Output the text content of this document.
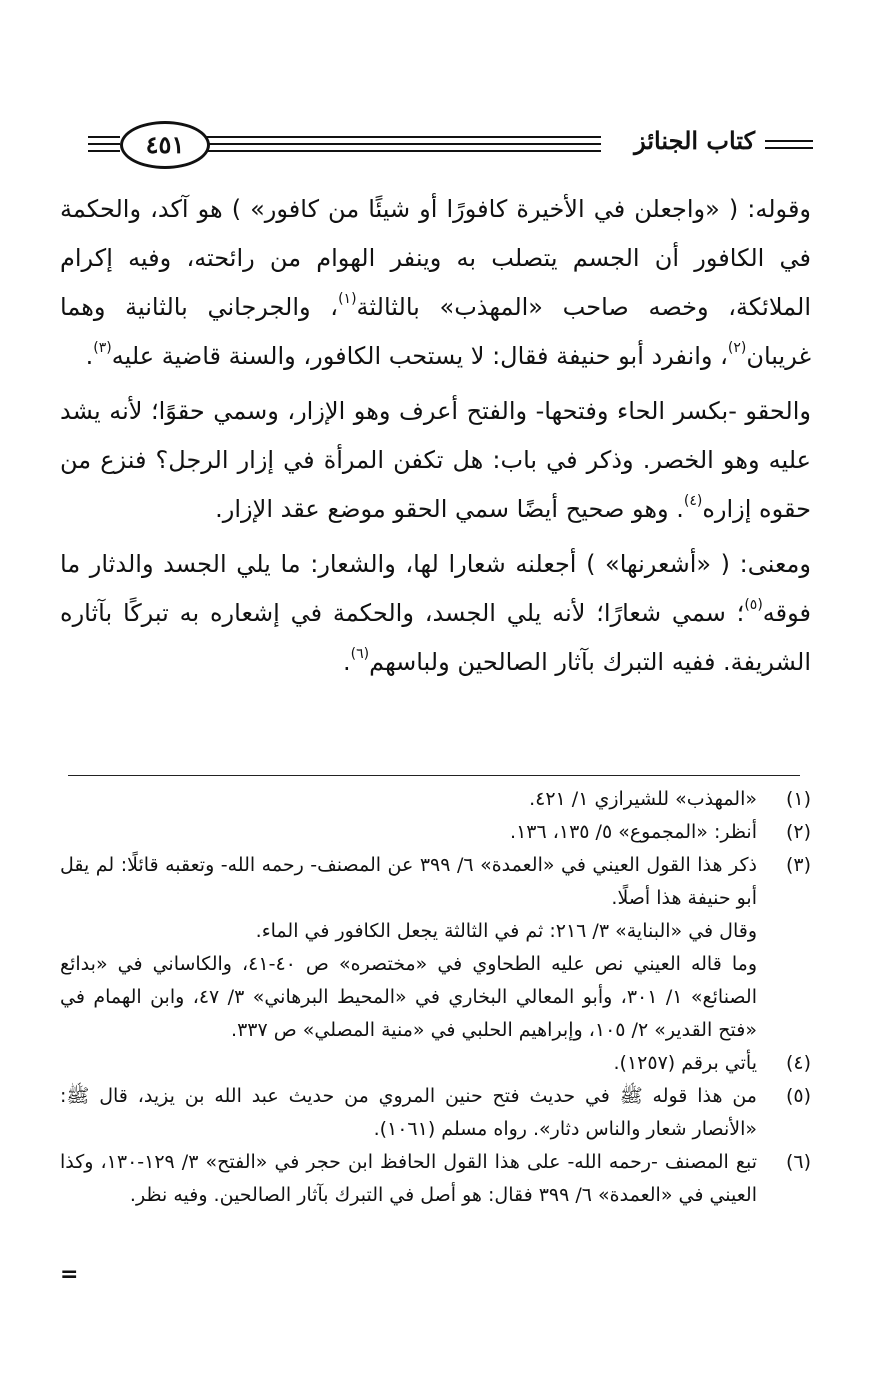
كتاب الجنائز
٤٥١

وقوله: ( «واجعلن في الأخيرة كافورًا أو شيئًا من كافور» ) هو آكد، والحكمة في الكافور أن الجسم يتصلب به وينفر الهوام من رائحته، وفيه إكرام الملائكة، وخصه صاحب «المهذب» بالثالثة$^{(١)}$، والجرجاني بالثانية وهما غريبان$^{(٢)}$، وانفرد أبو حنيفة فقال: لا يستحب الكافور، والسنة قاضية عليه$^{(٣)}$.

والحقو -بكسر الحاء وفتحها- والفتح أعرف وهو الإزار، وسمي حقوًا؛ لأنه يشد عليه وهو الخصر. وذكر في باب: هل تكفن المرأة في إزار الرجل؟ فنزع من حقوه إزاره$^{(٤)}$. وهو صحيح أيضًا سمي الحقو موضع عقد الإزار.

ومعنى: ( «أشعرنها» ) أجعلنه شعارا لها، والشعار: ما يلي الجسد والدثار ما فوقه$^{(٥)}$؛ سمي شعارًا؛ لأنه يلي الجسد، والحكمة في إشعاره به تبركًا بآثاره الشريفة. ففيه التبرك بآثار الصالحين ولباسهم$^{(٦)}$.

(١)

«المهذب» للشيرازي ١/ ٤٢١.

(٢)

أنظر: «المجموع» ٥/ ١٣٥، ١٣٦.

(٣)

ذكر هذا القول العيني في «العمدة» ٦/ ٣٩٩ عن المصنف- رحمه الله- وتعقبه قائلًا: لم يقل أبو حنيفة هذا أصلًا.

وقال في «البناية» ٣/ ٢١٦: ثم في الثالثة يجعل الكافور في الماء.

وما قاله العيني نص عليه الطحاوي في «مختصره» ص ٤٠-٤١، والكاساني في «بدائع الصنائع» ١/ ٣٠١، وأبو المعالي البخاري في «المحيط البرهاني» ٣/ ٤٧، وابن الهمام في «فتح القدير» ٢/ ١٠٥، وإبراهيم الحلبي في «منية المصلي» ص ٣٣٧.

(٤)

يأتي برقم (١٢٥٧).

(٥)

من هذا قوله ﷺ في حديث فتح حنين المروي من حديث عبد الله بن يزيد، قال ﷺ: «الأنصار شعار والناس دثار». رواه مسلم (١٠٦١).

(٦)

تبع المصنف -رحمه الله- على هذا القول الحافظ ابن حجر في «الفتح» ٣/ ١٢٩-١٣٠، وكذا العيني في «العمدة» ٦/ ٣٩٩ فقال: هو أصل في التبرك بآثار الصالحين. وفيه نظر.

=
